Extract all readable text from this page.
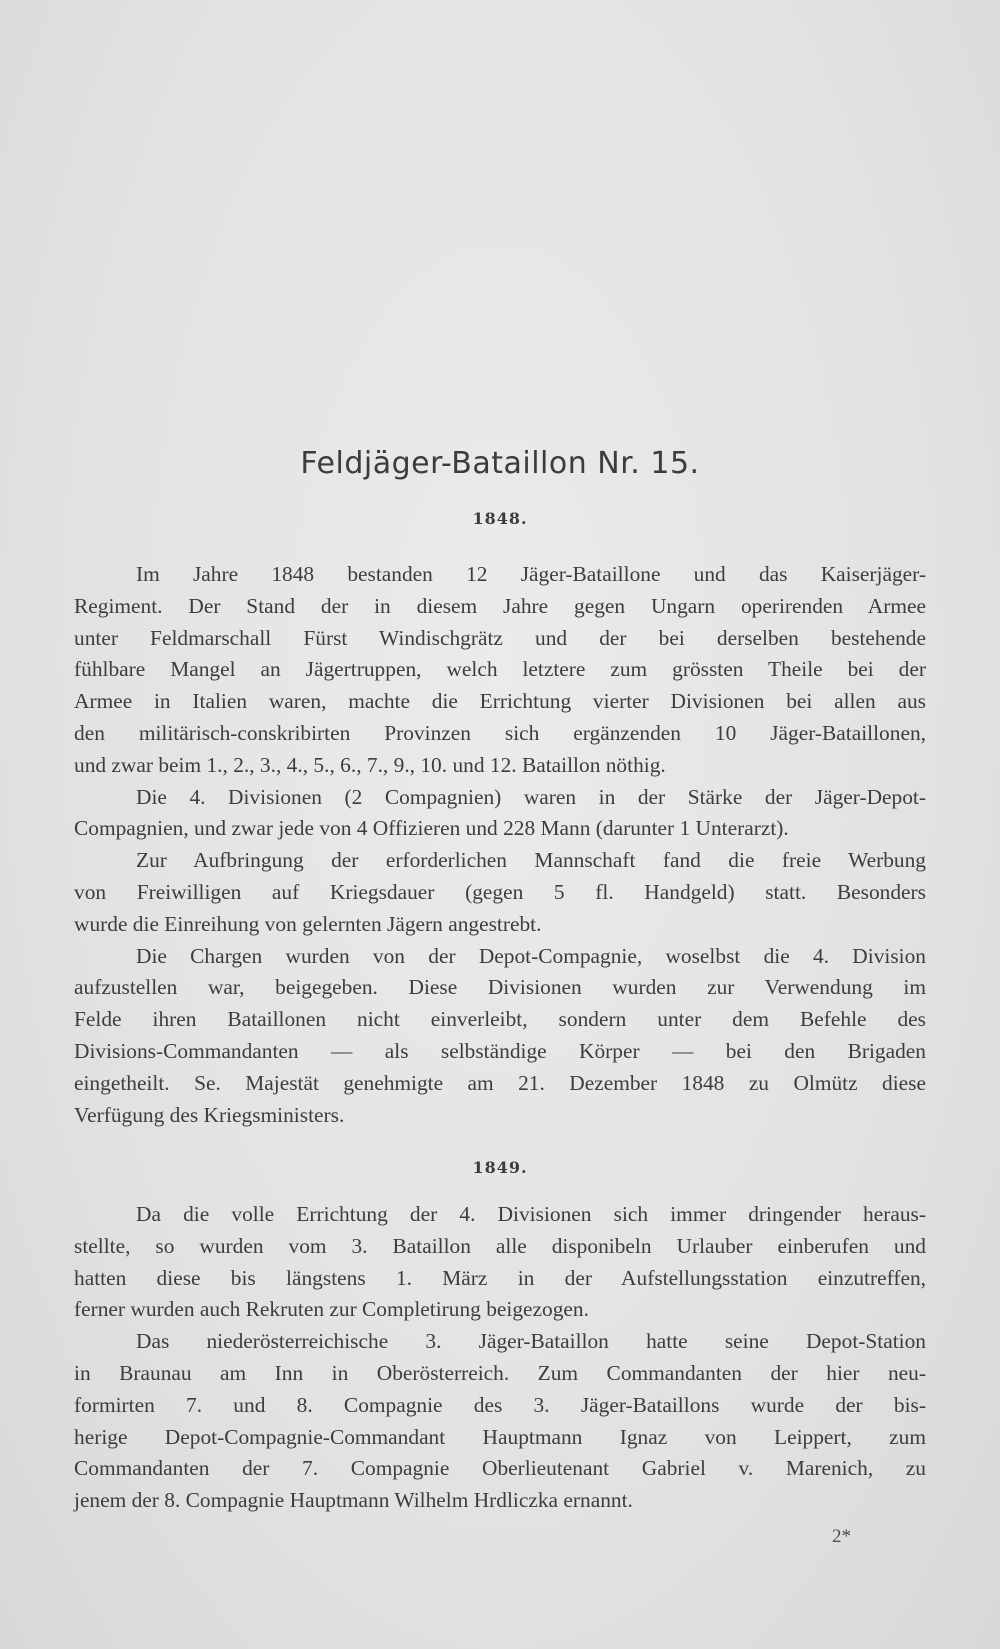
Feldjäger-Bataillon Nr. 15.
1848.
Im Jahre 1848 bestanden 12 Jäger-Bataillone und das Kaiserjäger-
Regiment. Der Stand der in diesem Jahre gegen Ungarn operirenden Armee
unter Feldmarschall Fürst Windischgrätz und der bei derselben bestehende
fühlbare Mangel an Jägertruppen, welch letztere zum grössten Theile bei der
Armee in Italien waren, machte die Errichtung vierter Divisionen bei allen aus
den militärisch-conskribirten Provinzen sich ergänzenden 10 Jäger-Bataillonen,
und zwar beim 1., 2., 3., 4., 5., 6., 7., 9., 10. und 12. Bataillon nöthig.
Die 4. Divisionen (2 Compagnien) waren in der Stärke der Jäger-Depot-
Compagnien, und zwar jede von 4 Offizieren und 228 Mann (darunter 1 Unterarzt).
Zur Aufbringung der erforderlichen Mannschaft fand die freie Werbung
von Freiwilligen auf Kriegsdauer (gegen 5 fl. Handgeld) statt. Besonders
wurde die Einreihung von gelernten Jägern angestrebt.
Die Chargen wurden von der Depot-Compagnie, woselbst die 4. Division
aufzustellen war, beigegeben. Diese Divisionen wurden zur Verwendung im
Felde ihren Bataillonen nicht einverleibt, sondern unter dem Befehle des
Divisions-Commandanten — als selbständige Körper — bei den Brigaden
eingetheilt. Se. Majestät genehmigte am 21. Dezember 1848 zu Olmütz diese
Verfügung des Kriegsministers.
1849.
Da die volle Errichtung der 4. Divisionen sich immer dringender heraus-
stellte, so wurden vom 3. Bataillon alle disponibeln Urlauber einberufen und
hatten diese bis längstens 1. März in der Aufstellungsstation einzutreffen,
ferner wurden auch Rekruten zur Completirung beigezogen.
Das niederösterreichische 3. Jäger-Bataillon hatte seine Depot-Station
in Braunau am Inn in Oberösterreich. Zum Commandanten der hier neu-
formirten 7. und 8. Compagnie des 3. Jäger-Bataillons wurde der bis-
herige Depot-Compagnie-Commandant Hauptmann Ignaz von Leippert, zum
Commandanten der 7. Compagnie Oberlieutenant Gabriel v. Marenich, zu
jenem der 8. Compagnie Hauptmann Wilhelm Hrdliczka ernannt.
2*
